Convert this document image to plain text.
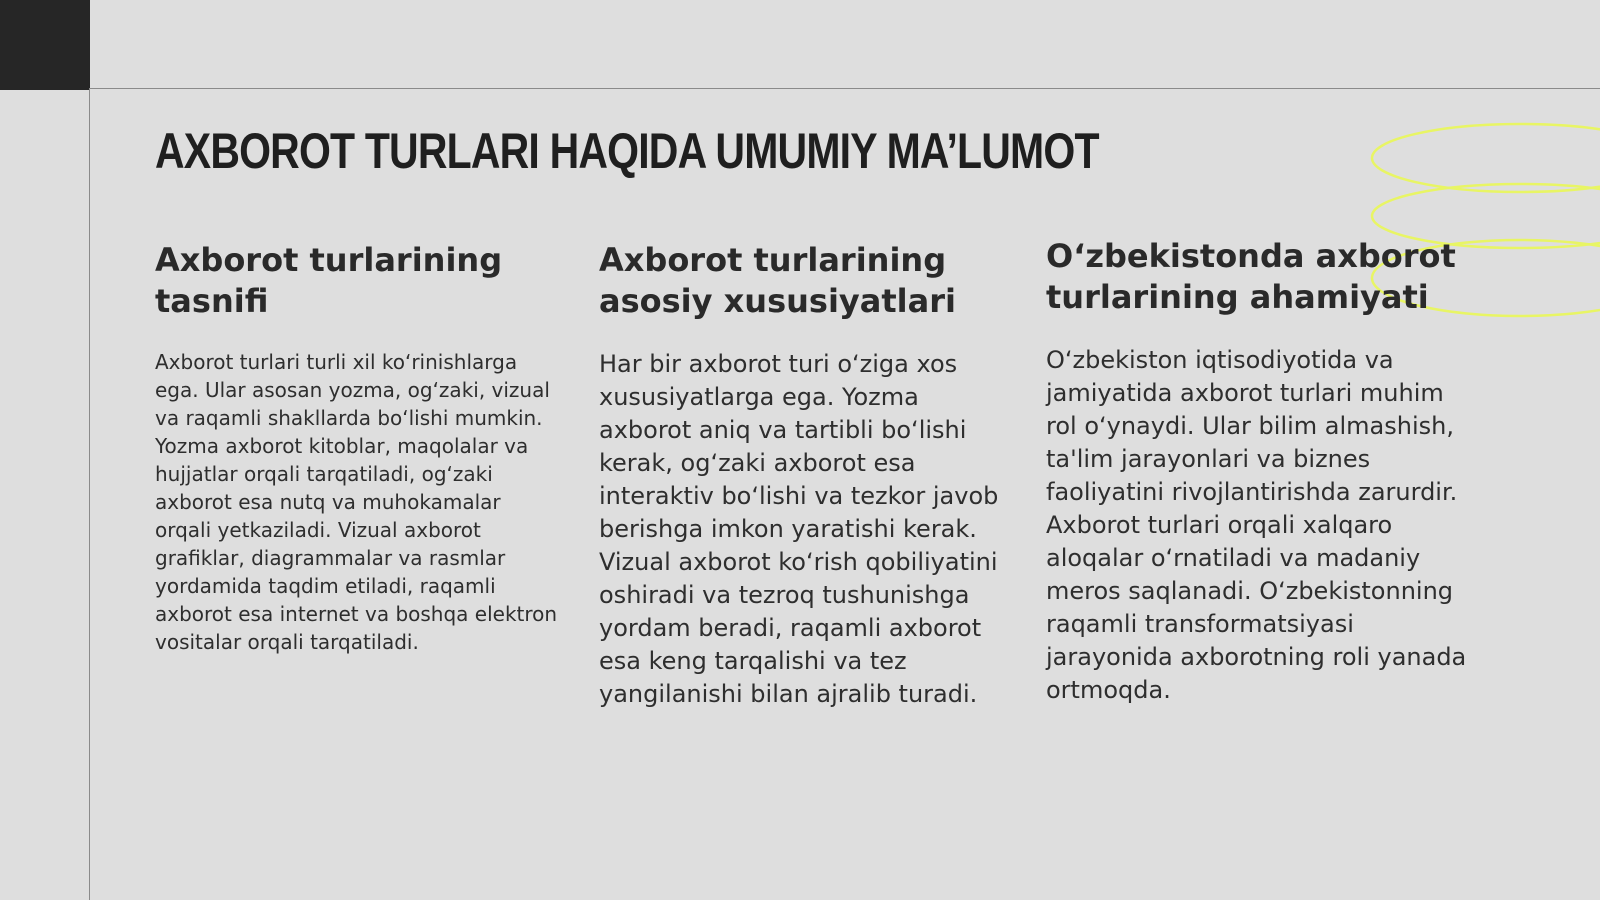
AXBOROT TURLARI HAQIDA UMUMIY MA’LUMOT
Axborot turlarining tasnifi

Axborot turlari turli xil ko‘rinishlarga ega. Ular asosan yozma, og‘zaki, vizual va raqamli shakllarda bo‘lishi mumkin. Yozma axborot kitoblar, maqolalar va hujjatlar orqali tarqatiladi, og‘zaki axborot esa nutq va muhokamalar orqali yetkaziladi. Vizual axborot grafiklar, diagrammalar va rasmlar yordamida taqdim etiladi, raqamli axborot esa internet va boshqa elektron vositalar orqali tarqatiladi.

Axborot turlarining asosiy xususiyatlari

Har bir axborot turi o‘ziga xos xususiyatlarga ega. Yozma axborot aniq va tartibli bo‘lishi kerak, og‘zaki axborot esa interaktiv bo‘lishi va tezkor javob berishga imkon yaratishi kerak. Vizual axborot ko‘rish qobiliyatini oshiradi va tezroq tushunishga yordam beradi, raqamli axborot esa keng tarqalishi va tez yangilanishi bilan ajralib turadi.

O‘zbekistonda axborot turlarining ahamiyati

O‘zbekiston iqtisodiyotida va jamiyatida axborot turlari muhim rol o‘ynaydi. Ular bilim almashish, ta'lim jarayonlari va biznes faoliyatini rivojlantirishda zarurdir. Axborot turlari orqali xalqaro aloqalar o‘rnatiladi va madaniy meros saqlanadi. O‘zbekistonning raqamli transformatsiyasi jarayonida axborotning roli yanada ortmoqda.
